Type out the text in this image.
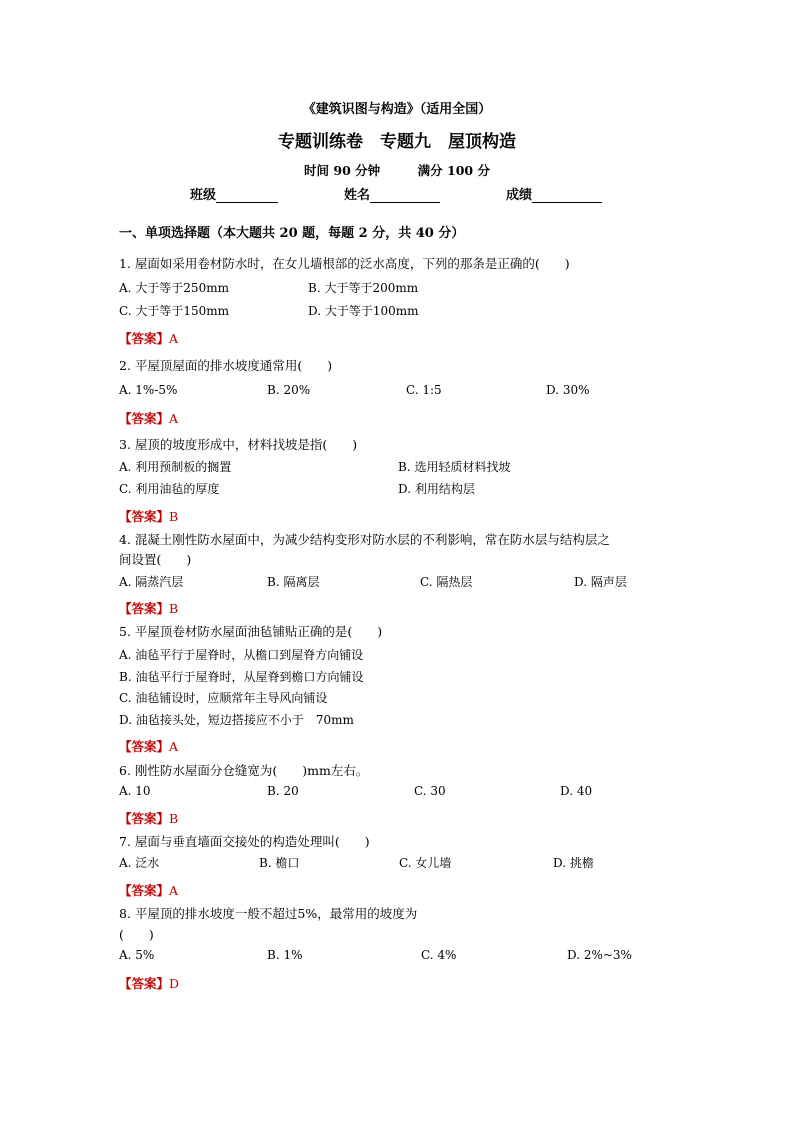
《建筑识图与构造》（适用全国）
专题训练卷　专题九　屋顶构造
时间 90 分钟　　　满分 100 分
班级	姓名	成绩
一、单项选择题（本大题共 20 题，每题 2 分，共 40 分）
1. 屋面如采用卷材防水时，在女儿墙根部的泛水高度，下列的那条是正确的(　　)
A. 大于等于250mm	B. 大于等于200mm
C. 大于等于150mm	D. 大于等于100mm
【答案】A
2. 平屋顶屋面的排水坡度通常用(　　)
A. 1%-5%	B. 20%	C. 1:5	D. 30%
【答案】A
3. 屋顶的坡度形成中，材料找坡是指(　　)
A. 利用预制板的搁置	B. 选用轻质材料找坡
C. 利用油毡的厚度	D. 利用结构层
【答案】B
4. 混凝土刚性防水屋面中，为减少结构变形对防水层的不利影响，常在防水层与结构层之
间设置(　　)
A. 隔蒸汽层	B. 隔离层	C. 隔热层	D. 隔声层
【答案】B
5. 平屋顶卷材防水屋面油毡铺贴正确的是(　　)
A. 油毡平行于屋脊时，从檐口到屋脊方向铺设
B. 油毡平行于屋脊时，从屋脊到檐口方向铺设
C. 油毡铺设时，应顺常年主导风向铺设
D. 油毡接头处，短边搭接应不小于　70mm
【答案】A
6. 刚性防水屋面分仓缝宽为(　　)mm左右。
A. 10	B. 20	C. 30	D. 40
【答案】B
7. 屋面与垂直墙面交接处的构造处理叫(　　)
A. 泛水	B. 檐口	C. 女儿墙	D. 挑檐
【答案】A
8. 平屋顶的排水坡度一般不超过5%，最常用的坡度为
(　　)
A. 5%	B. 1%	C. 4%	D. 2%~3%
【答案】D
